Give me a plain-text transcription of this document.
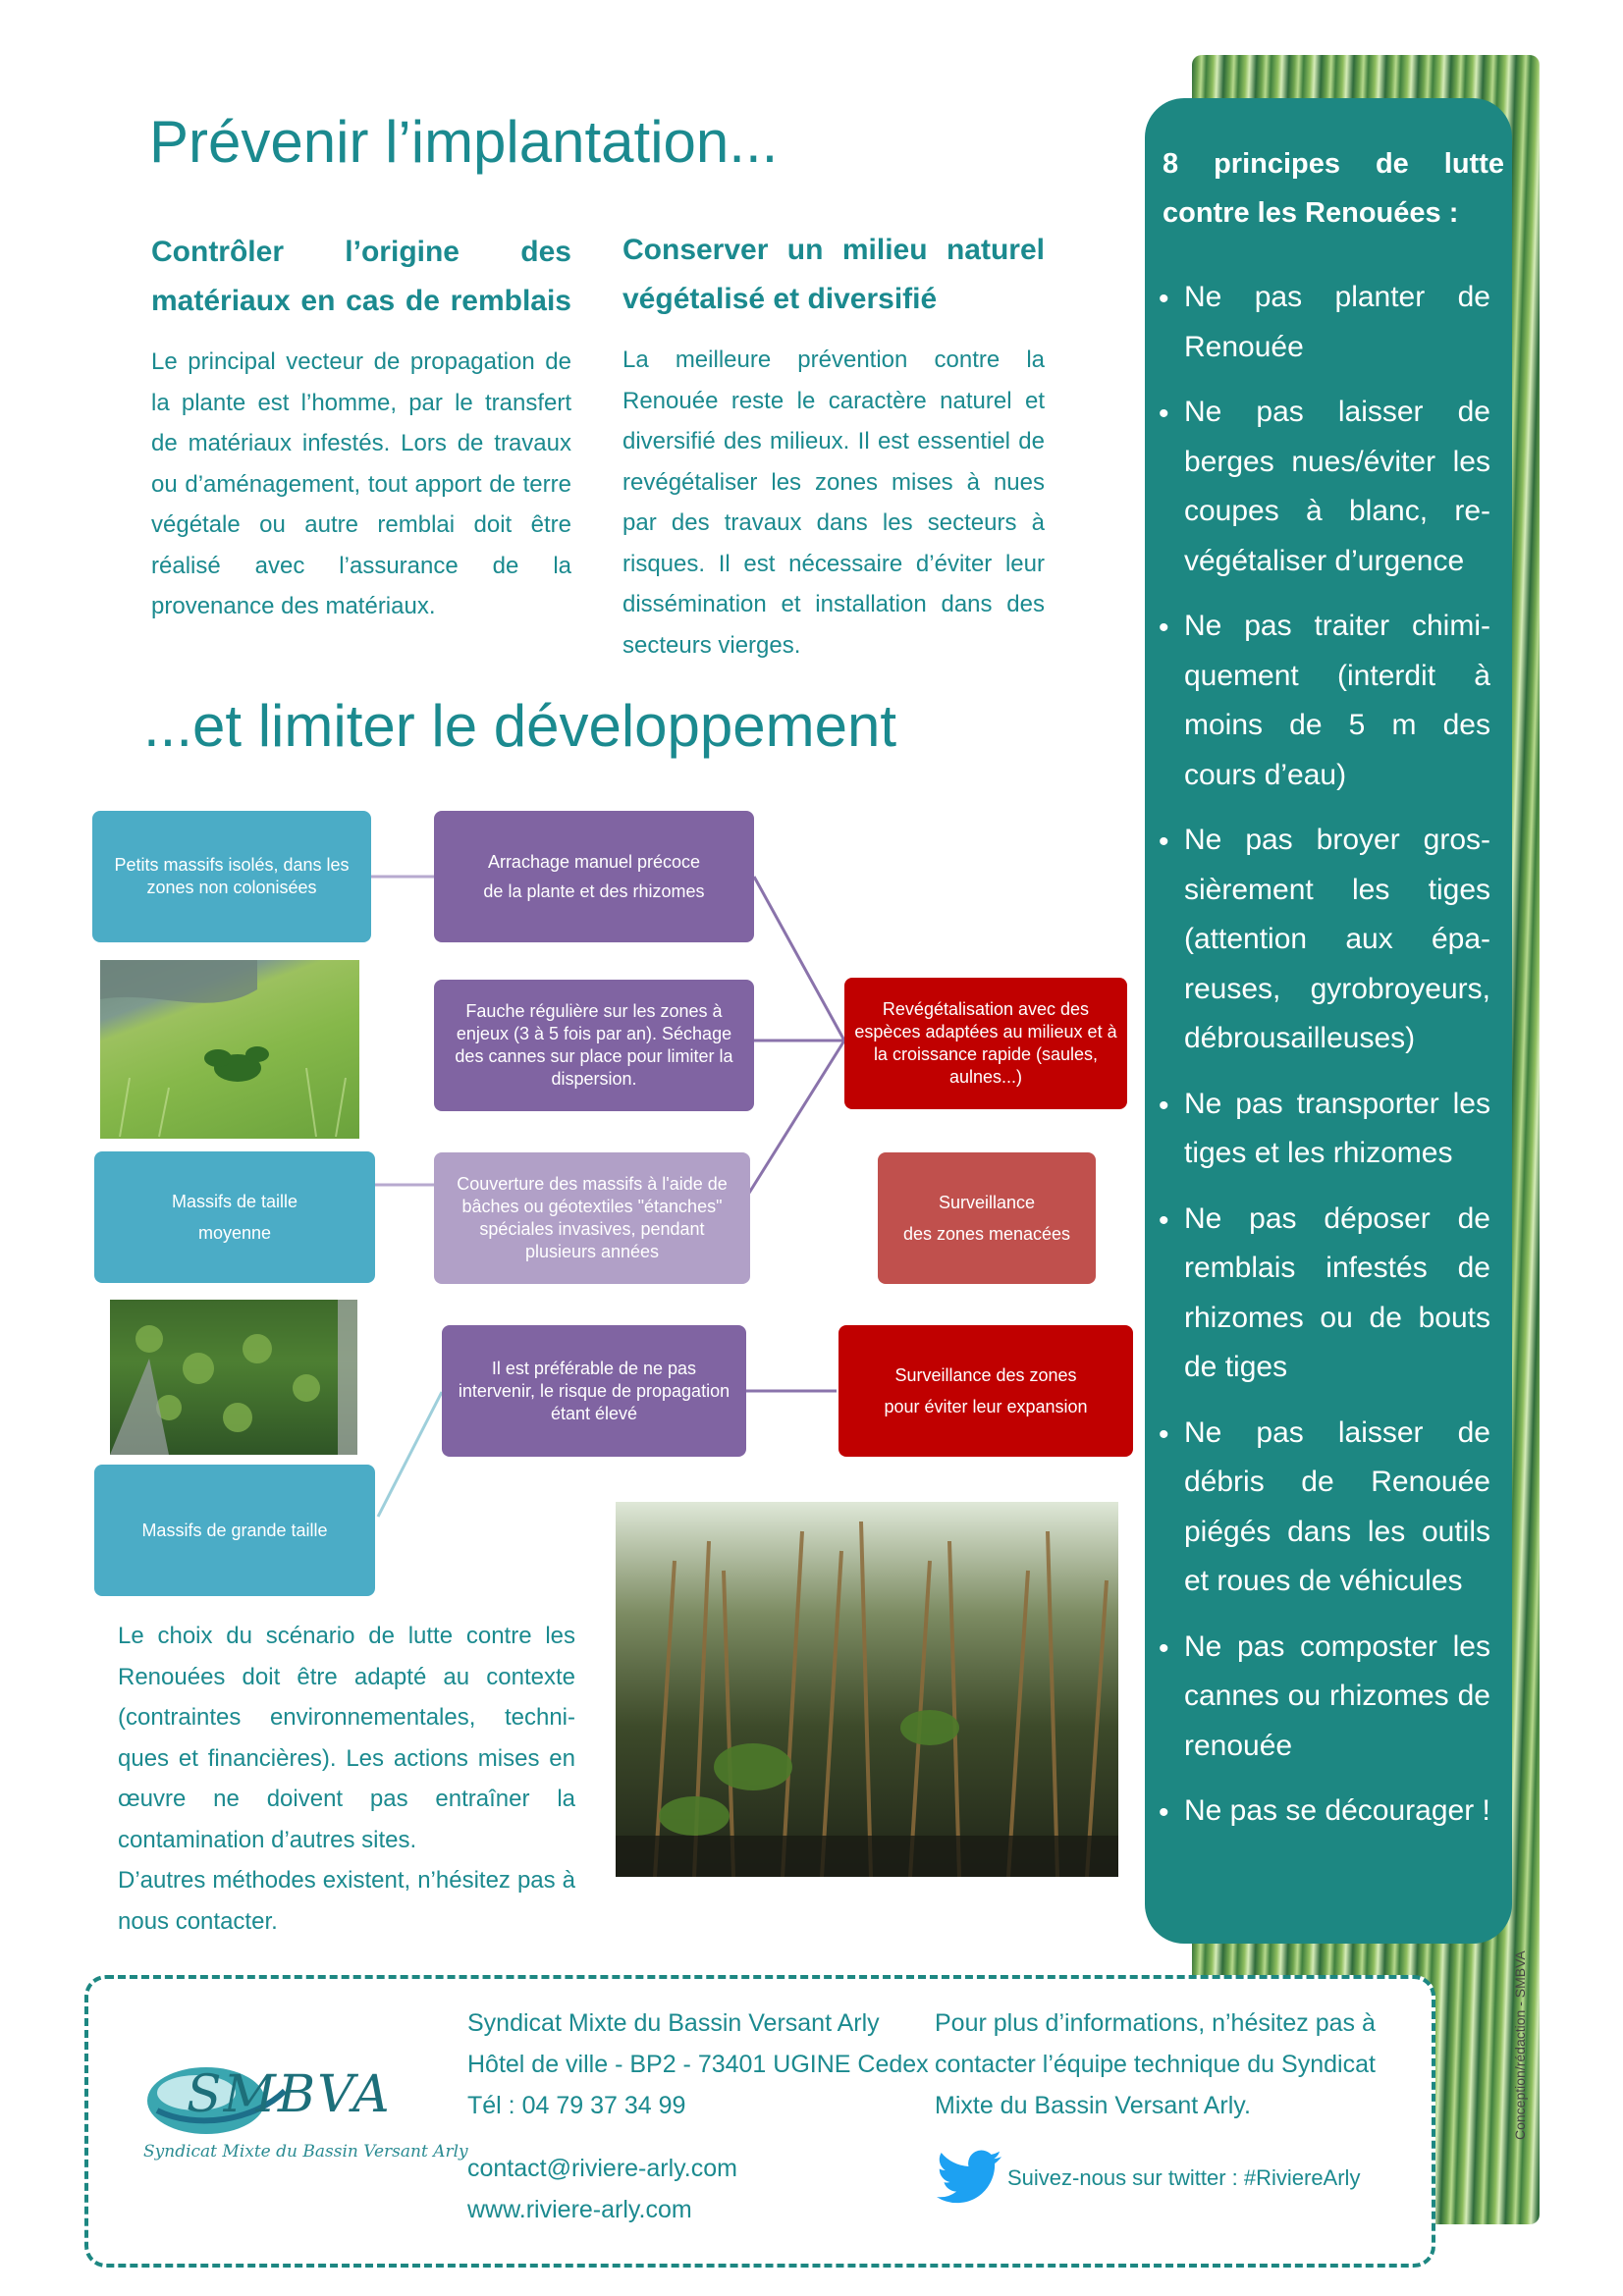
Prévenir l’implantation...
Contrôler l’origine des matériaux en cas de remblais
Le principal vecteur de propagation de la plante est l’homme, par le transfert de matériaux infestés. Lors de travaux ou d’aménagement, tout apport de terre végétale ou autre remblai doit être réalisé avec l’assurance de la provenance des matériaux.
Conserver un milieu naturel végétalisé et diversifié
La meilleure prévention contre la Renouée reste le caractère naturel et diversifié des milieux. Il est essentiel de revégétaliser les zones mises à nues par des travaux dans les secteurs à risques. Il est nécessaire d’éviter leur dissémination et installation dans des secteurs vierges.
...et limiter le développement
Petits massifs isolés, dans les zones non colonisées
Arrachage manuel précoce
de la plante et des rhizomes
Fauche régulière sur les zones à enjeux (3 à 5 fois par an). Séchage des cannes sur place pour limiter la dispersion.
Revégétalisation avec des espèces adaptées au milieux et à la croissance rapide (saules, aulnes...)
Massifs de taille
moyenne
Couverture des massifs à l'aide de bâches ou géotextiles "étanches" spéciales invasives, pendant plusieurs années
Surveillance
des zones menacées
Il est préférable de ne pas intervenir, le risque de propagation étant élevé
Surveillance des zones
pour éviter leur expansion
Massifs de grande taille
Le choix du scénario de lutte contre les Renouées doit être adapté au contexte (contraintes environnementales, techni-ques et financières). Les actions mises en œuvre ne doivent pas entraîner la contamination d’autres sites.
D’autres méthodes existent, n’hésitez pas à nous contacter.
Conception/rédaction - SMBVA
8 principes de lutte contre les Renouées :
• Ne pas planter de Renouée
• Ne pas laisser de berges nues/éviter les coupes à blanc, re-végétaliser d’urgence
• Ne pas traiter chimi-quement (interdit à moins de 5 m des cours d’eau)
• Ne pas broyer gros-sièrement les tiges (attention aux épa-reuses, gyrobroyeurs, débrousailleuses)
• Ne pas transporter les tiges et les rhizomes
• Ne pas déposer de remblais infestés de rhizomes ou de bouts de tiges
• Ne pas laisser de débris de Renouée piégés dans les outils et roues de véhicules
• Ne pas composter les cannes ou rhizomes de renouée
• Ne pas se décourager !
SMBVA
Syndicat Mixte du Bassin Versant Arly
Syndicat Mixte du Bassin Versant Arly
Hôtel de ville - BP2 - 73401 UGINE Cedex
Tél : 04 79 37 34 99
contact@riviere-arly.com
www.riviere-arly.com
Pour plus d’informations, n’hésitez pas à contacter l’équipe technique du Syndicat Mixte du Bassin Versant Arly.
Suivez-nous sur twitter : #RiviereArly
